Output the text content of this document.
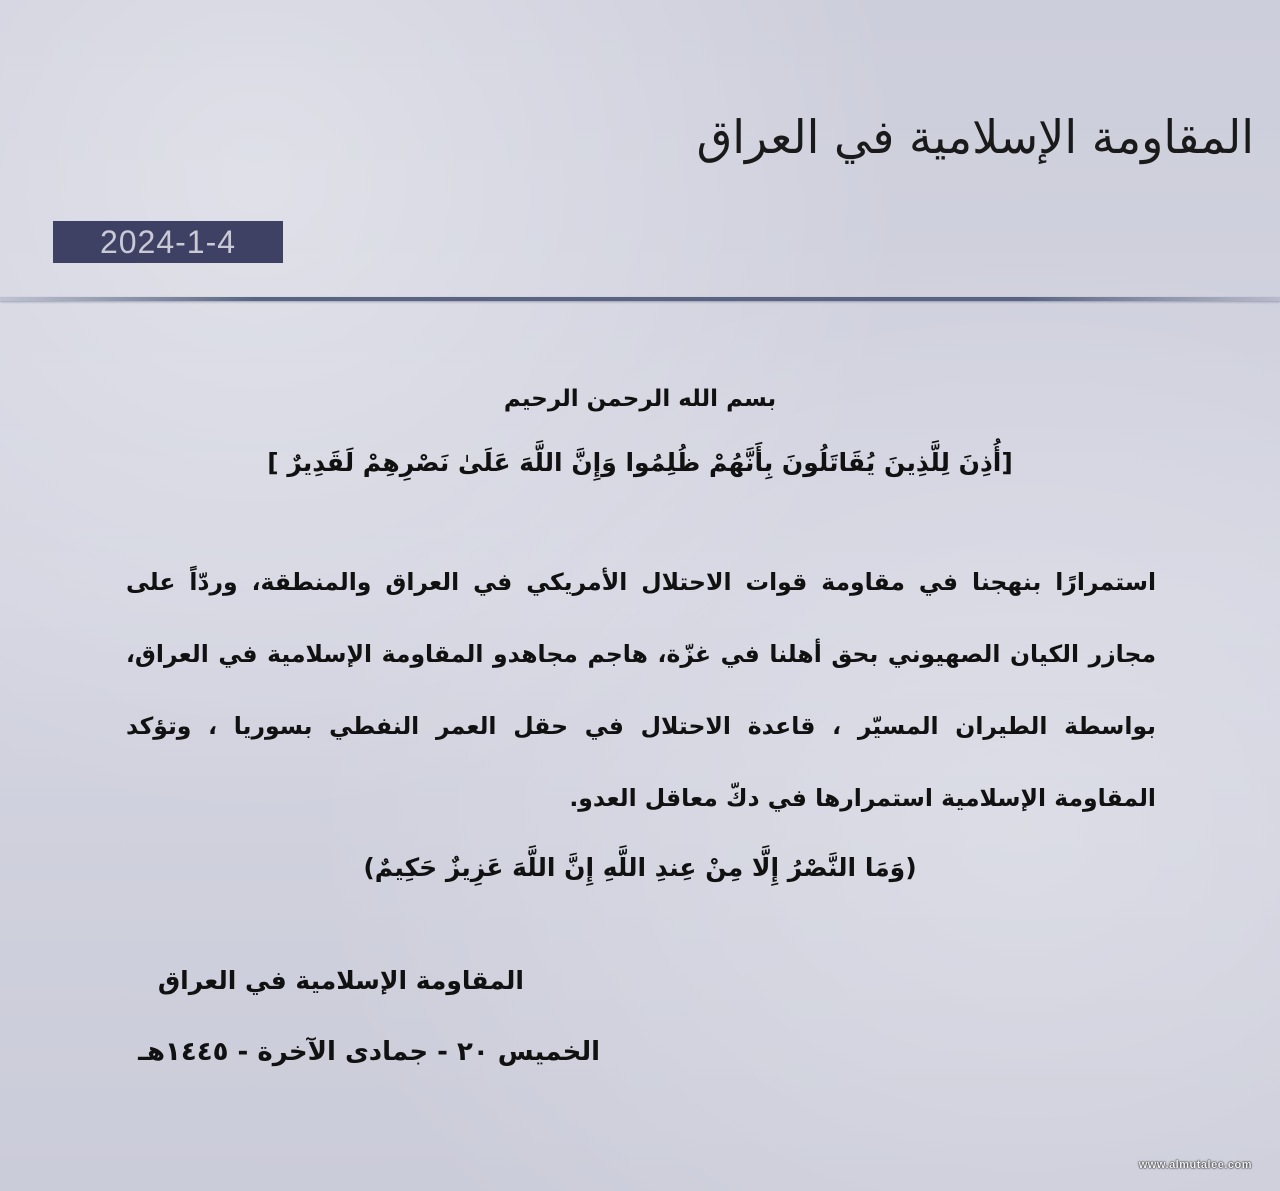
المقاومة الإسلامية في العراق
2024-1-4
بسم الله الرحمن الرحيم
[أُذِنَ لِلَّذِينَ يُقَاتَلُونَ بِأَنَّهُمْ ظُلِمُوا وَإِنَّ اللَّهَ عَلَىٰ نَصْرِهِمْ لَقَدِيرٌ ]
استمرارًا بنهجنا في مقاومة قوات الاحتلال الأمريكي في العراق والمنطقة، وردّاً على مجازر الكيان الصهيوني بحق أهلنا في غزّة، هاجم مجاهدو المقاومة الإسلامية في العراق، بواسطة الطيران المسيّر ، قاعدة الاحتلال في حقل العمر النفطي بسوريا ، وتؤكد المقاومة الإسلامية استمرارها في دكّ معاقل العدو.
(وَمَا النَّصْرُ إِلَّا مِنْ عِندِ اللَّهِ إِنَّ اللَّهَ عَزِيزٌ حَكِيمٌ)
المقاومة الإسلامية في العراق
الخميس ٢٠ - جمادى الآخرة - ١٤٤٥هـ
www.almutalee.com
